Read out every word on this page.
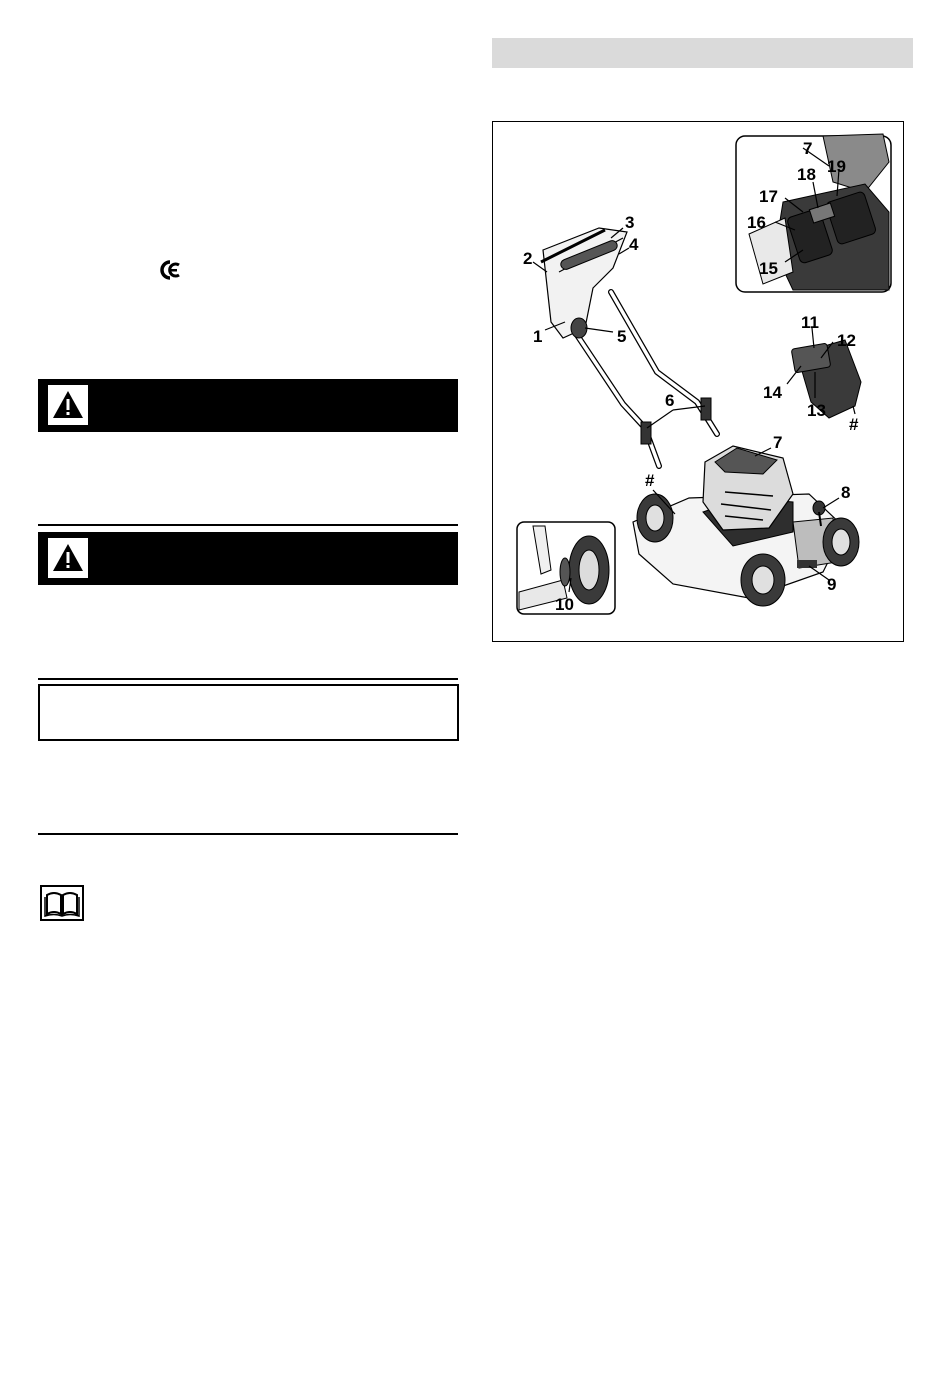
2
3
4
1	5
6
7
8
9
10
#
11
12
13
14
#
7
19
18
17
16
15
